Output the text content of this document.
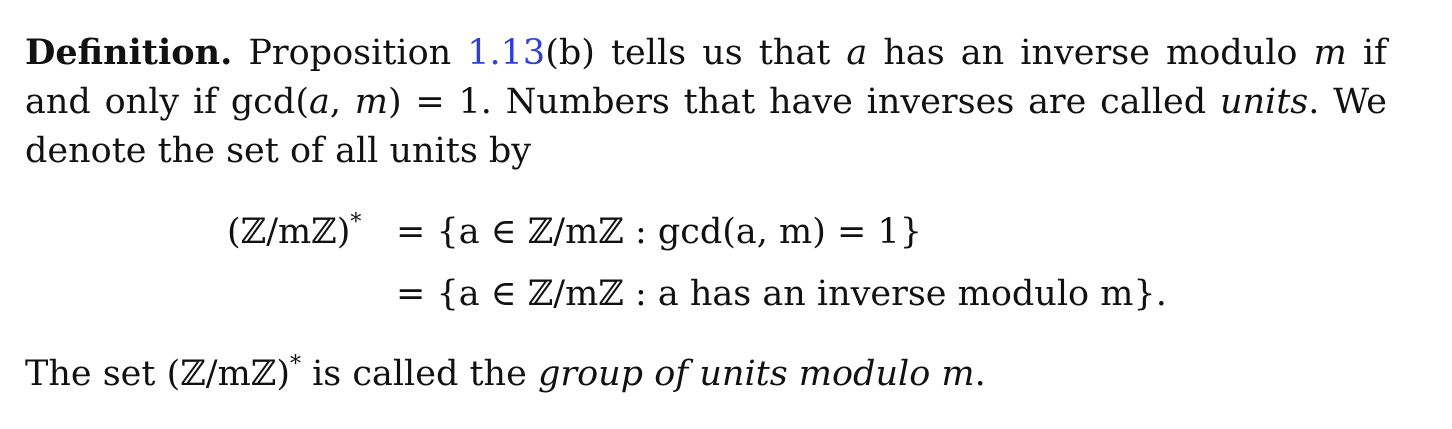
Definition. Proposition 1.13(b) tells us that a has an inverse modulo m if and only if gcd(a, m) = 1. Numbers that have inverses are called units. We denote the set of all units by
(ℤ/mℤ)* = {a ∈ ℤ/mℤ : gcd(a, m) = 1}
= {a ∈ ℤ/mℤ : a has an inverse modulo m}.
The set (ℤ/mℤ)* is called the group of units modulo m.
